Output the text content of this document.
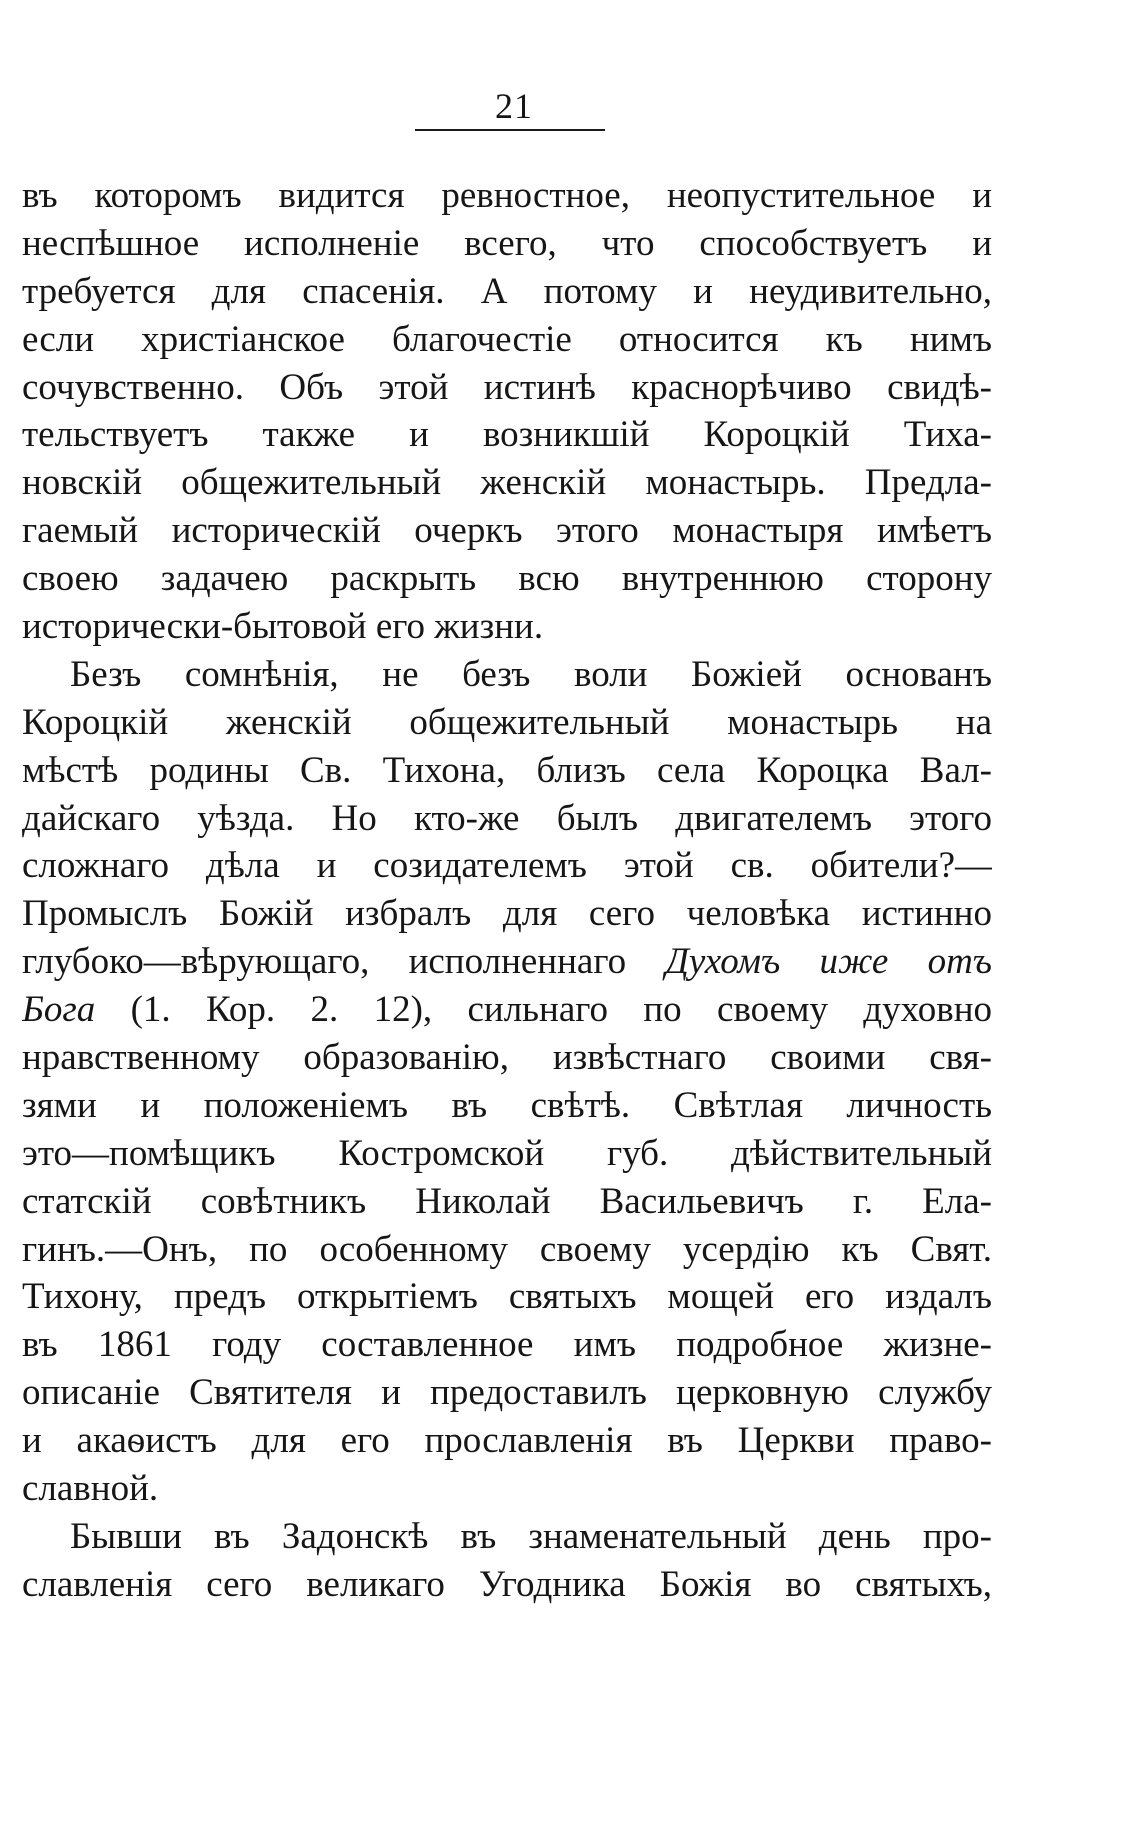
21
въ которомъ видится ревностное, неопустительное и
неспѣшное исполненіе всего, что способствуетъ и
требуется для спасенія. А потому и неудивительно,
если христіанское благочестіе относится къ нимъ
сочувственно. Объ этой истинѣ краснорѣчиво свидѣ-
тельствуетъ также и возникшій Короцкій Тиха-
новскій общежительный женскій монастырь. Предла-
гаемый историческій очеркъ этого монастыря имѣетъ
своею задачею раскрыть всю внутреннюю сторону
исторически-бытовой его жизни.
Безъ сомнѣнія, не безъ воли Божіей основанъ
Короцкій женскій общежительный монастырь на
мѣстѣ родины Св. Тихона, близъ села Короцка Вал-
дайскаго уѣзда. Но кто-же былъ двигателемъ этого
сложнаго дѣла и созидателемъ этой св. обители?—
Промыслъ Божій избралъ для сего человѣка истинно
глубоко—вѣрующаго, исполненнаго Духомъ иже отъ
Бога (1. Кор. 2. 12), сильнаго по своему духовно
нравственному образованію, извѣстнаго своими свя-
зями и положеніемъ въ свѣтѣ. Свѣтлая личность
это—помѣщикъ Костромской губ. дѣйствительный
статскій совѣтникъ Николай Васильевичъ г. Ела-
гинъ.—Онъ, по особенному своему усердію къ Свят.
Тихону, предъ открытіемъ святыхъ мощей его издалъ
въ 1861 году составленное имъ подробное жизне-
описаніе Святителя и предоставилъ церковную службу
и акаѳистъ для его прославленія въ Церкви право-
славной.
Бывши въ Задонскѣ въ знаменательный день про-
славленія сего великаго Угодника Божія во святыхъ,
